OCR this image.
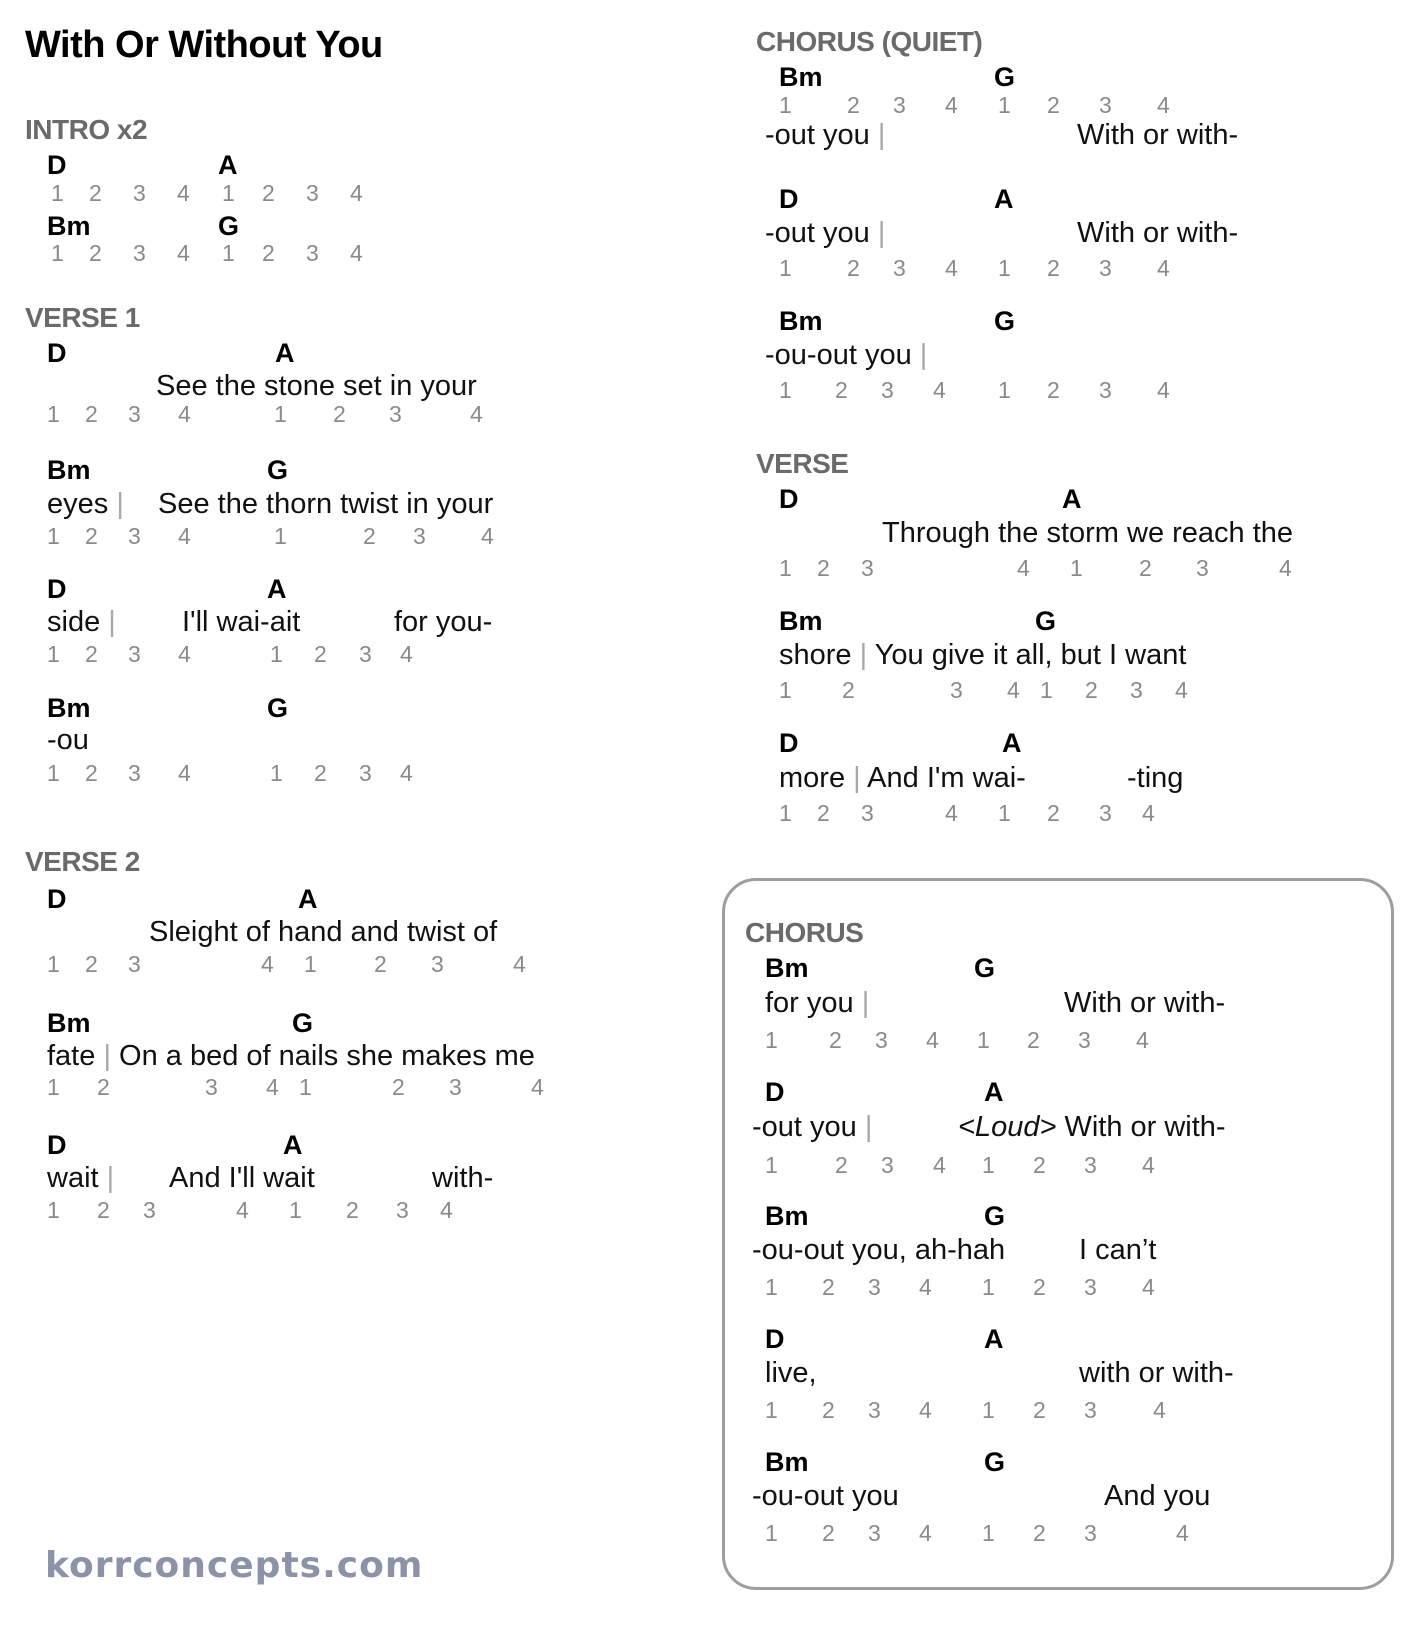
With Or Without You
INTRO x2
D	A
Bm	G
VERSE 1
D	A
See the stone set in your
Bm	G
eyes | See the thorn twist in your
D	A
side | I'll wai-ait	for you-
Bm	G
-ou
VERSE 2
D	A
Sleight of hand and twist of
Bm	G
fate | On a bed of nails she makes me
D	A
wait | And I'll wait	with-
korrconcepts.com
CHORUS (QUIET)
Bm	G
-out you |	With or with-
D	A
-out you |	With or with-
Bm	G
-ou-out you |
VERSE
D	A
Through the storm we reach the
Bm	G
shore | You give it all, but I want
D	A
more | And I'm wai-	-ting
CHORUS
Bm	G
for you |	With or with-
D	A
-out you |	<Loud> With or with-
Bm	G
-ou-out you, ah-hah	I can’t
D	A
live,	with or with-
Bm	G
-ou-out you	And you
1 2 3 4 1 2 3 4
1 2 3 4 1 2 3 4
1 2 3 4	1 2 3	4
1 2 3 4	1	2 3 4
1 2 3 4	1 2 3 4
1 2 3 4	1 2 3 4
1 2 3	4 1 2 3	4
1 2	3 4 1	2 3	4
1 2 3	4 1 2 3 4
1 2 3 4 1 2 3 4
1 2 3 4 1 2 3 4
1 2 3 4 1 2 3 4
1 2 3	4 1 2 3	4
1 2	3 4 1 2 3 4
1 2 3	4 1 2 3 4
1 2 3 4 1 2 3 4
1 2 3 4 1 2 3 4
1 2 3 4 1 2 3 4
1 2 3 4 1 2 3 4
1 2 3 4 1 2 3	4
